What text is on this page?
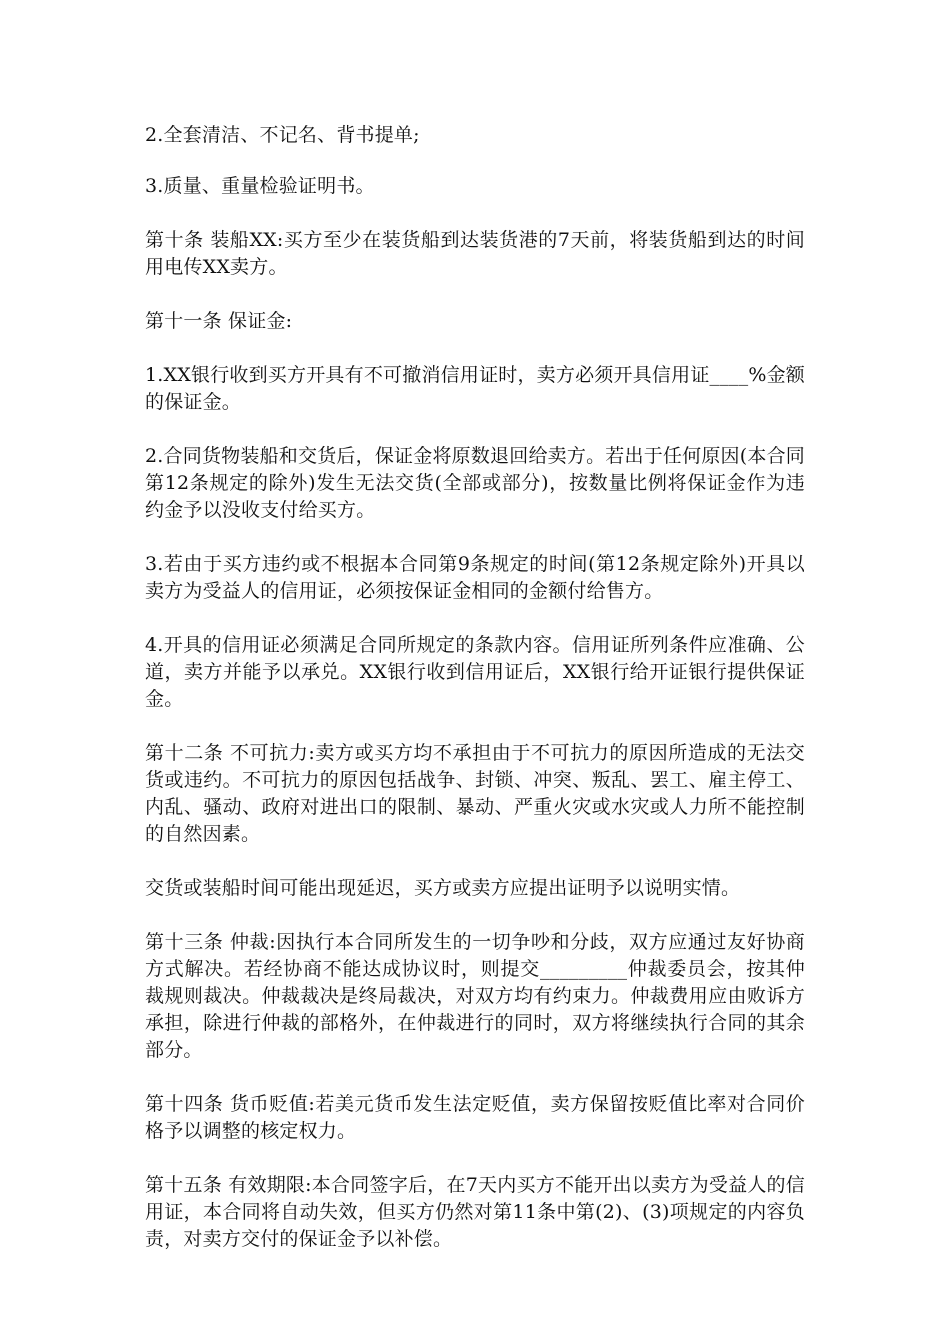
2.全套清洁、不记名、背书提单;

3.质量、重量检验证明书。

第十条 装船XX:买方至少在装货船到达装货港的7天前，将装货船到达的时间用电传XX卖方。

第十一条 保证金:

1.XX银行收到买方开具有不可撤消信用证时，卖方必须开具信用证____%金额的保证金。

2.合同货物装船和交货后，保证金将原数退回给卖方。若出于任何原因(本合同第12条规定的除外)发生无法交货(全部或部分)，按数量比例将保证金作为违约金予以没收支付给买方。

3.若由于买方违约或不根据本合同第9条规定的时间(第12条规定除外)开具以卖方为受益人的信用证，必须按保证金相同的金额付给售方。

4.开具的信用证必须满足合同所规定的条款内容。信用证所列条件应准确、公道，卖方并能予以承兑。XX银行收到信用证后，XX银行给开证银行提供保证金。

第十二条 不可抗力:卖方或买方均不承担由于不可抗力的原因所造成的无法交货或违约。不可抗力的原因包括战争、封锁、冲突、叛乱、罢工、雇主停工、内乱、骚动、政府对进出口的限制、暴动、严重火灾或水灾或人力所不能控制的自然因素。

交货或装船时间可能出现延迟，买方或卖方应提出证明予以说明实情。

第十三条 仲裁:因执行本合同所发生的一切争吵和分歧，双方应通过友好协商方式解决。若经协商不能达成协议时，则提交_________仲裁委员会，按其仲裁规则裁决。仲裁裁决是终局裁决，对双方均有约束力。仲裁费用应由败诉方承担，除进行仲裁的部格外，在仲裁进行的同时，双方将继续执行合同的其余部分。

第十四条 货币贬值:若美元货币发生法定贬值，卖方保留按贬值比率对合同价格予以调整的核定权力。

第十五条 有效期限:本合同签字后，在7天内买方不能开出以卖方为受益人的信用证，本合同将自动失效，但买方仍然对第11条中第(2)、(3)项规定的内容负责，对卖方交付的保证金予以补偿。
